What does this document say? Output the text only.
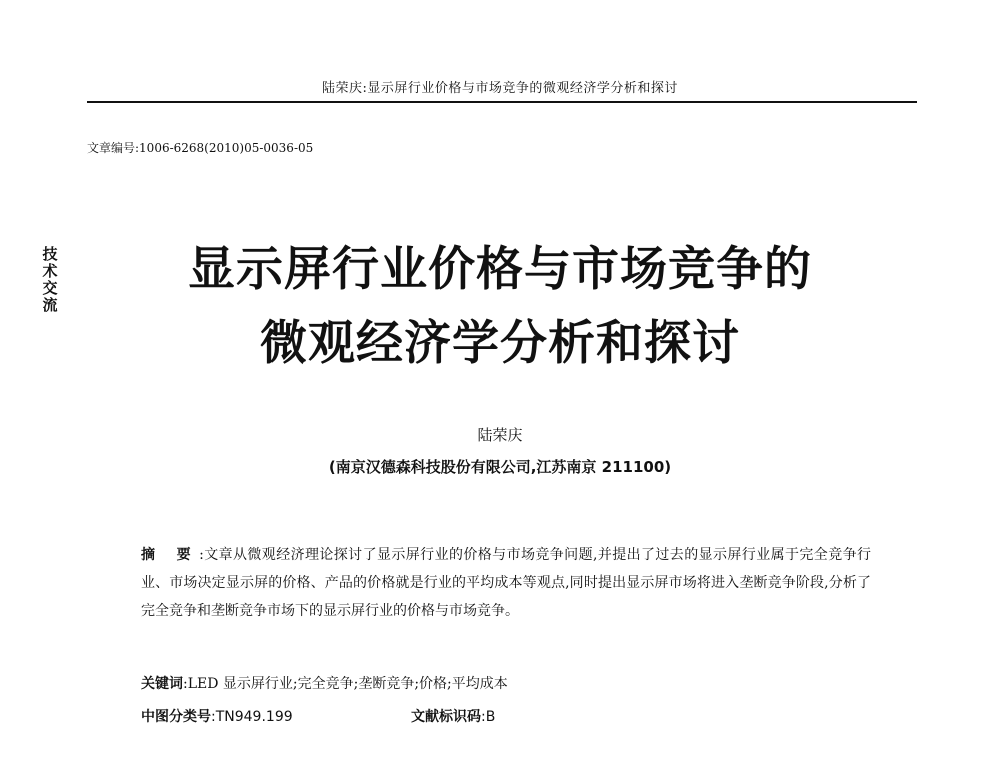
陆荣庆:显示屏行业价格与市场竞争的微观经济学分析和探讨
文章编号:1006-6268(2010)05-0036-05
技术交流
显示屏行业价格与市场竞争的
微观经济学分析和探讨
陆荣庆
(南京汉德森科技股份有限公司,江苏南京 211100)
摘 要:文章从微观经济理论探讨了显示屏行业的价格与市场竞争问题,并提出了过去的显示屏行业属于完全竞争行业、市场决定显示屏的价格、产品的价格就是行业的平均成本等观点,同时提出显示屏市场将进入垄断竞争阶段,分析了完全竞争和垄断竞争市场下的显示屏行业的价格与市场竞争。
关键词:LED 显示屏行业;完全竞争;垄断竞争;价格;平均成本
中图分类号:TN949.199	文献标识码:B
